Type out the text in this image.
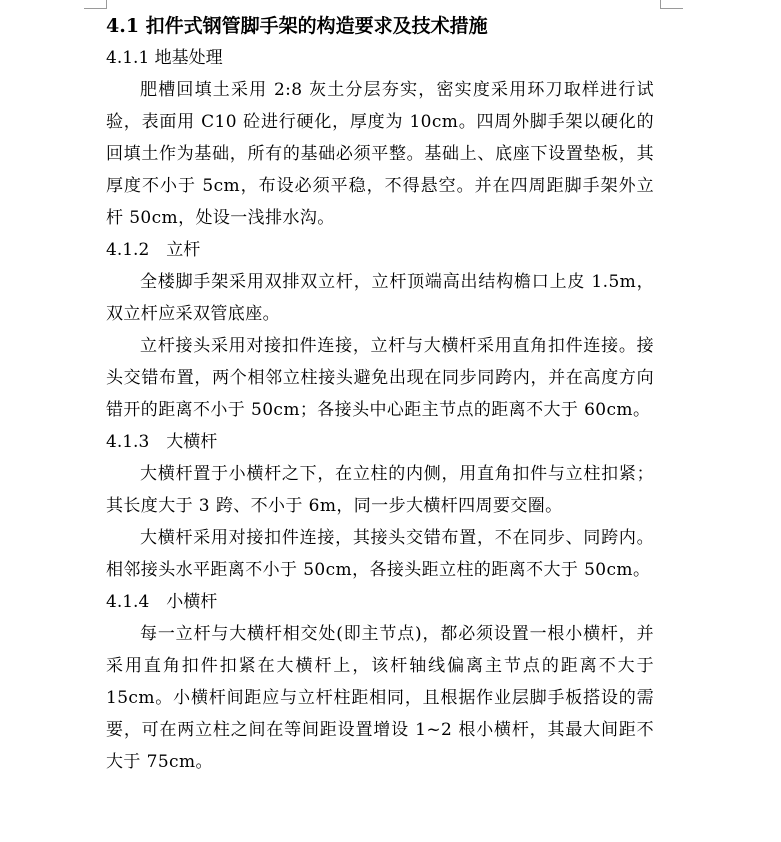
4.1 扣件式钢管脚手架的构造要求及技术措施
4.1.1 地基处理
肥槽回填土采用 2:8 灰土分层夯实，密实度采用环刀取样进行试验，表面用 C10 砼进行硬化，厚度为 10cm。四周外脚手架以硬化的回填土作为基础，所有的基础必须平整。基础上、底座下设置垫板，其厚度不小于 5cm，布设必须平稳，不得悬空。并在四周距脚手架外立杆 50cm，处设一浅排水沟。
4.1.2　立杆
全楼脚手架采用双排双立杆，立杆顶端高出结构檐口上皮 1.5m，双立杆应采双管底座。
立杆接头采用对接扣件连接，立杆与大横杆采用直角扣件连接。接头交错布置，两个相邻立柱接头避免出现在同步同跨内，并在高度方向错开的距离不小于 50cm；各接头中心距主节点的距离不大于 60cm。
4.1.3　大横杆
大横杆置于小横杆之下，在立柱的内侧，用直角扣件与立柱扣紧；其长度大于 3 跨、不小于 6m，同一步大横杆四周要交圈。
大横杆采用对接扣件连接，其接头交错布置，不在同步、同跨内。相邻接头水平距离不小于 50cm，各接头距立柱的距离不大于 50cm。
4.1.4　小横杆
每一立杆与大横杆相交处(即主节点)，都必须设置一根小横杆，并采用直角扣件扣紧在大横杆上，该杆轴线偏离主节点的距离不大于 15cm。小横杆间距应与立杆柱距相同，且根据作业层脚手板搭设的需要，可在两立柱之间在等间距设置增设 1~2 根小横杆，其最大间距不大于 75cm。
